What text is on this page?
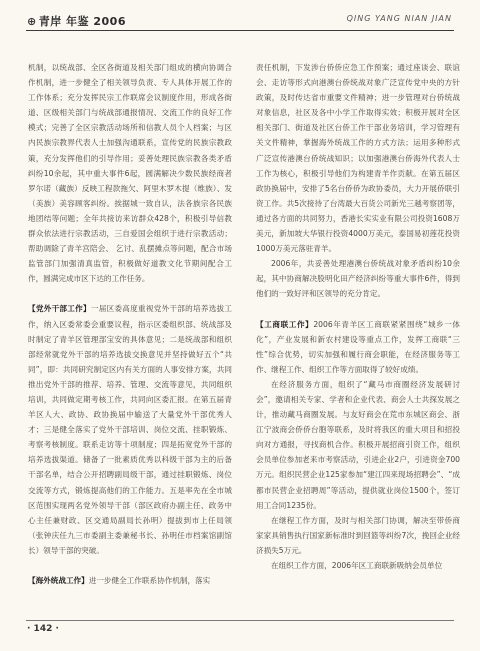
⊕ 青岸 年鉴 2006	QING YANG NIAN JIAN

机制，以统战部、全区各街道及相关部门组成的横向协调合作机制，进一步健全了相关领导负责、专人具体开展工作的工作体系；充分发挥民宗工作联席会议制度作用，形成各街道、区级相关部门与统战部通报情况、交流工作的良好工作模式；完善了全区宗教活动场所和信教人员个人档案；与区内民族宗教界代表人士加强沟通联系，宣传党的民族宗教政策，充分发挥他们的引导作用；妥善处理民族宗教各类矛盾纠纷10余起，其中重大事件6起，圆满解决少数民族经商者罗尔诺（藏族）反映工程款拖欠、阿里木罗木提（维族）、发（美族）美容顾客纠纷。挨据城一致自认，法各族宗各民族地团结等问题；全年共接访来访群众428个，积极引导信教群众依法进行宗教活动，三自爱国会组织于进行宗教活动；帮助调除了青羊宫陪会、 乞讨、乱摆摊点等问题，配合市场监管部门加强清真监管，积极做好道教文化节期间配合工作，圆满完成市区下达的工作任务。

【党外干部工作】一届区委高度重视党外干部的培养选拔工作，纳入区委常委会重要议程，指示区委组织部、统战部及时制定了青羊区管理部宝安的具体意见；二是统战部和组织部经常就党外干部的培养选拔交换意见并坚持做好五个“共同”，即：共同研究制定区内有关方面的人事安排方案，共同推出党外干部的推荐、培养、管理、交流等意见，共同组织培训，共同做定期考核工作，共同向区委汇报。在第五届青羊区人大、政协、政协换届中输送了大量党外干部优秀人才；三是健全落实了党外干部培训、岗位交流、挂职锻炼、考察考核制度。联系走访等十项制度；四是拓宽党外干部的培养选拔渠道。储备了一批素质优秀以科级干部为主的后备干部名单，结合公开招聘副局级干部，通过挂职锻炼、岗位交流等方式，锻炼提高他们的工作能力。五是率先在全市城区范围实现两名党外领导干部（部区政府办副主任、政务中心主任兼财政、区交通局副局长孙明）提拔到市上任局领（张钟庆任九三市委副主委兼秘书长、孙明任市档案馆副馆长）领导干部的突破。

【海外统战工作】进一步健全工作联系协作机制，落实

责任机制，下发涉台侨侨应急工作预案；通过座谈会、联谊会、走访等形式向港澳台侨统战对象广泛宣传党中央的方针政策，及时传达省市重要文件精神；进一步管理对台侨统战对象信息，社区及各中小学工作取得实效；积极开展对全区相关部门、街道及社区台侨工作干部业务培训，学习管理有关文件精神，掌握海外统战工作的方式方法；运用多种形式广泛宣传港澳台侨统战知识；以加强港澳台侨海外代表人士工作为核心，积极引导他们为构建青羊作贡献。在第五届区政协换届中，安排了5名台侨侨为政协委员，大力开展侨联引资工作。共5次接待了台湾最大百货公司新光三越考察团等，通过各方面的共同努力，香港长实实业有限公司投资1608万美元，新加坡大华银行投资4000万美元，泰国易初莲花投资1000万美元落驻青羊。

2006年，共妥善处理港澳台侨统战对象矛盾纠纷10余起，其中协商解决股明化田产经济纠纷等重大事件6件，得到他们的一致好评和区领导的充分肯定。

【工商联工作】2006年青羊区工商联紧紧围绕“城乡一体化”，产业发展和新农村建设等重点工作，发挥工商联“三性”综合优势，切实加强和履行商会职能，在经济服务等工作、继程工作、组织工作等方面取得了较好成绩。

在经济服务方面，组织了“藏马市商圈经济发展研讨会”，邀请相关专家、学者和企业代表、商会人士共探发展之计，推动藏马商圈发展。与友好商会在荒市东城区商会、浙江宁波商会侨侨台胞等联系，及时将我区的重大项目和招投向对方通报，寻找商机合作。积极开展招商引资工作，组织会员单位参加老来市考察活动，引进企业2户，引进资金700万元。组织民营企业125家参加“建江四来现场招聘会”、“成都市民营企业招聘周”等活动，提供就业岗位1500个，签订用工合同1235份。

在继程工作方面，及时与相关部门协调，解决至带侨商家家具销售执行国家新标准时到回篮等纠纷7次，挽回企业经济损失5万元。

在组织工作方面，2006年区工商联新吸纳会员单位

· 142 ·
